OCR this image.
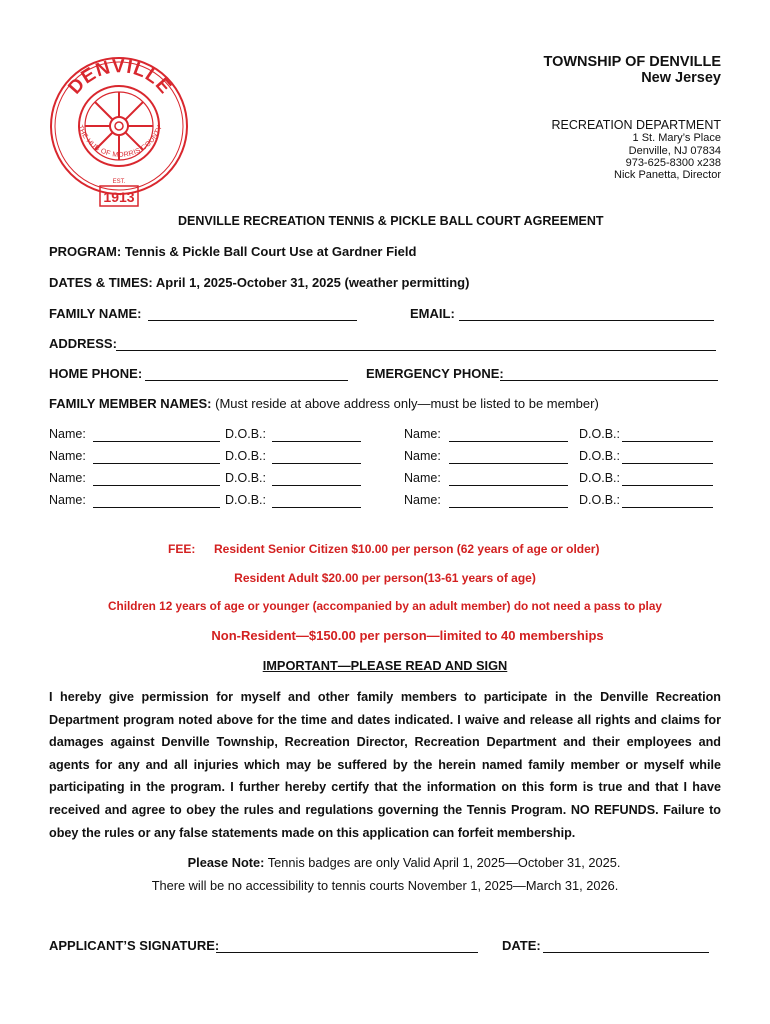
DENVILLE
THE HUB OF MORRIS COUNTY
EST.
1913
TOWNSHIP OF DENVILLE
New Jersey
RECREATION DEPARTMENT
1 St. Mary’s Place
Denville, NJ 07834
973-625-8300 x238
Nick Panetta, Director
DENVILLE RECREATION TENNIS & PICKLE BALL COURT AGREEMENT
PROGRAM: Tennis & Pickle Ball Court Use at Gardner Field
DATES & TIMES: April 1, 2025-October 31, 2025 (weather permitting)
FAMILY NAME:	EMAIL:
ADDRESS:
HOME PHONE:	EMERGENCY PHONE:
FAMILY MEMBER NAMES: (Must reside at above address only—must be listed to be member)
Name:	D.O.B.:
Name:	D.O.B.:
Name:	D.O.B.:
Name:	D.O.B.:
Name:	D.O.B.:
Name:	D.O.B.:
Name:	D.O.B.:
Name:	D.O.B.:
FEE: Resident Senior Citizen $10.00 per person (62 years of age or older)
Resident Adult $20.00 per person(13-61 years of age)
Children 12 years of age or younger (accompanied by an adult member) do not need a pass to play
Non-Resident—$150.00 per person—limited to 40 memberships
IMPORTANT—PLEASE READ AND SIGN
I hereby give permission for myself and other family members to participate in the Denville Recreation Department program noted above for the time and dates indicated. I waive and release all rights and claims for damages against Denville Township, Recreation Director, Recreation Department and their employees and agents for any and all injuries which may be suffered by the herein named family member or myself while participating in the program. I further hereby certify that the information on this form is true and that I have received and agree to obey the rules and regulations governing the Tennis Program. NO REFUNDS. Failure to obey the rules or any false statements made on this application can forfeit membership.
Please Note: Tennis badges are only Valid April 1, 2025—October 31, 2025.
There will be no accessibility to tennis courts November 1, 2025—March 31, 2026.
APPLICANT’S SIGNATURE:	DATE:
